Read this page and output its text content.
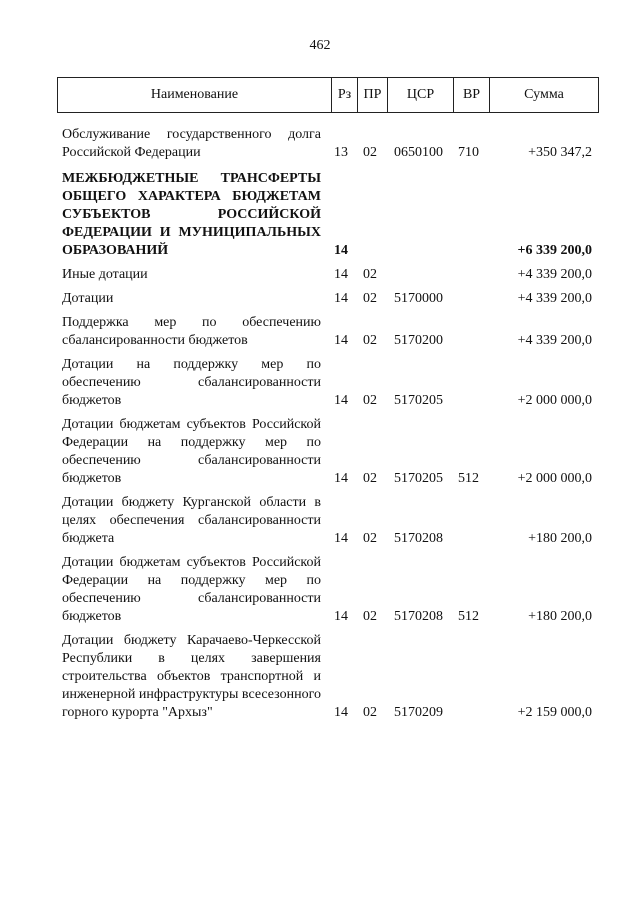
462
Наименование	Рз ПР	ЦСР	ВР	Сумма
Обслуживание государственного долга Российской Федерации	13 02 0650100 710	+350 347,2
МЕЖБЮДЖЕТНЫЕ ТРАНСФЕРТЫ ОБЩЕГО ХАРАКТЕРА БЮДЖЕТАМ СУБЪЕКТОВ РОССИЙСКОЙ ФЕДЕРАЦИИ И МУНИЦИПАЛЬНЫХ ОБРАЗОВАНИЙ	14	+6 339 200,0
Иные дотации	14 02	+4 339 200,0
Дотации	14 02 5170000	+4 339 200,0
Поддержка мер по обеспечению сбалансированности бюджетов	14 02 5170200	+4 339 200,0
Дотации на поддержку мер по обеспечению сбалансированности бюджетов	14 02 5170205	+2 000 000,0
Дотации бюджетам субъектов Российской Федерации на поддержку мер по обеспечению сбалансированности бюджетов	14 02 5170205 512	+2 000 000,0
Дотации бюджету Курганской области в целях обеспечения сбалансированности бюджета	14 02 5170208	+180 200,0
Дотации бюджетам субъектов Российской Федерации на поддержку мер по обеспечению сбалансированности бюджетов	14 02 5170208 512	+180 200,0
Дотации бюджету Карачаево-Черкесской Республики в целях завершения строительства объектов транспортной и инженерной инфраструктуры всесезонного горного курорта "Архыз"	14 02 5170209	+2 159 000,0
